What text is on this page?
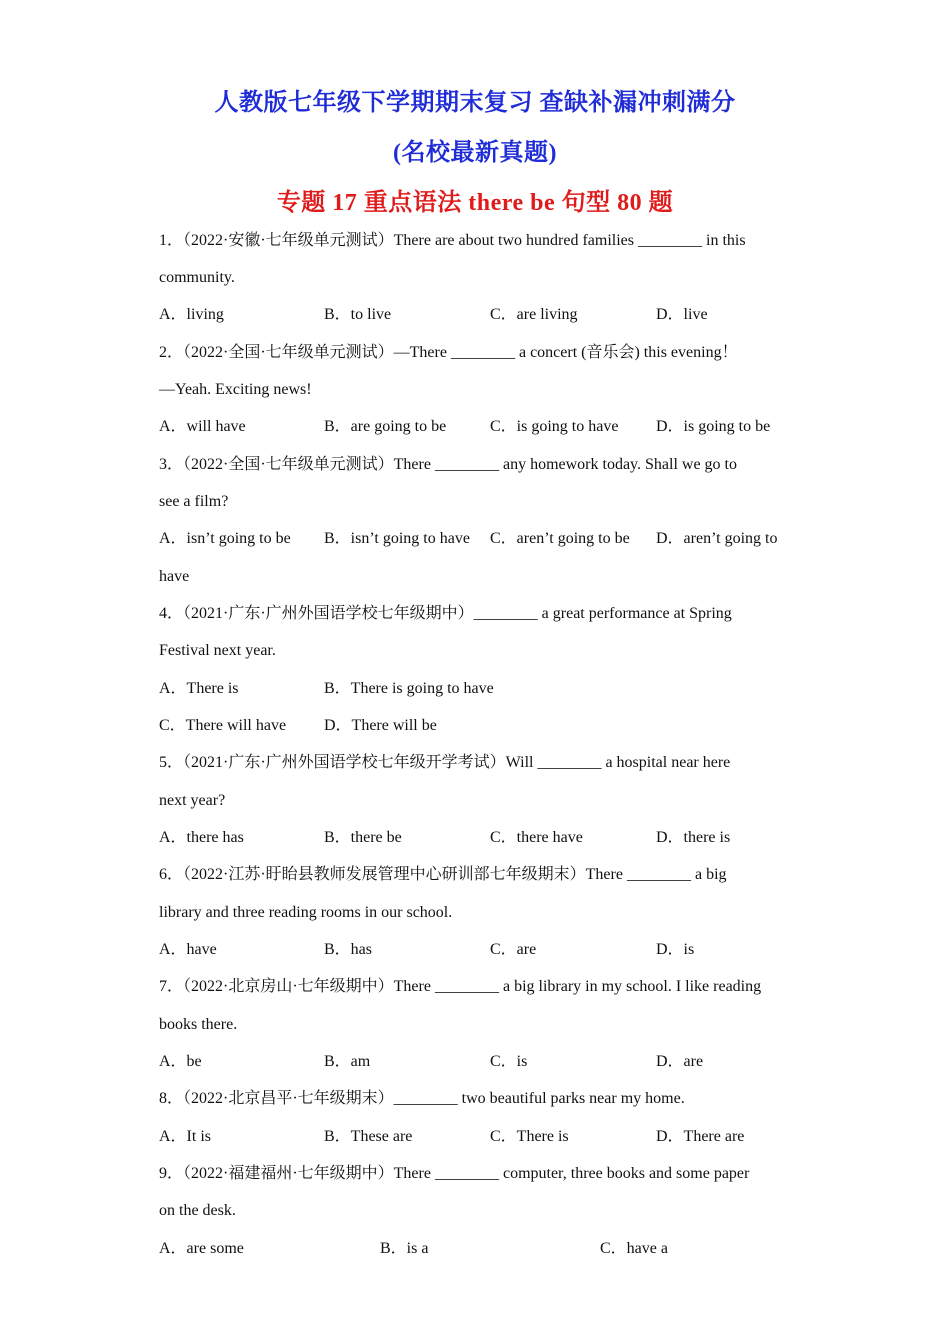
人教版七年级下学期期末复习 查缺补漏冲刺满分
(名校最新真题)
专题 17 重点语法 there be 句型 80 题
1．（2022·安徽·七年级单元测试）There are about two hundred families ________ in this
community.
A．living	B．to live	C．are living	D．live
2．（2022·全国·七年级单元测试）—There ________ a concert (音乐会) this evening！
—Yeah. Exciting news!
A．will have	B．are going to be	C．is going to have D．is going to be
3．（2022·全国·七年级单元测试）There ________ any homework today. Shall we go to
see a film?
A．isn’t going to be B．isn’t going to have C．aren’t going to be D．aren’t going to
have
4．（2021·广东·广州外国语学校七年级期中）________ a great performance at Spring
Festival next year.
A．There is	B．There is going to have
C．There will have D．There will be
5．（2021·广东·广州外国语学校七年级开学考试）Will ________ a hospital near here
next year?
A．there has	B．there be	C．there have	D．there is
6．（2022·江苏·盱眙县教师发展管理中心研训部七年级期末）There ________ a big
library and three reading rooms in our school.
A．have	B．has	C．are	D．is
7．（2022·北京房山·七年级期中）There ________ a big library in my school. I like reading
books there.
A．be	B．am	C．is	D．are
8．（2022·北京昌平·七年级期末）________ two beautiful parks near my home.
A．It is	B．These are	C．There is	D．There are
9．（2022·福建福州·七年级期中）There ________ computer, three books and some paper
on the desk.
A．are some	B．is a	C．have a
